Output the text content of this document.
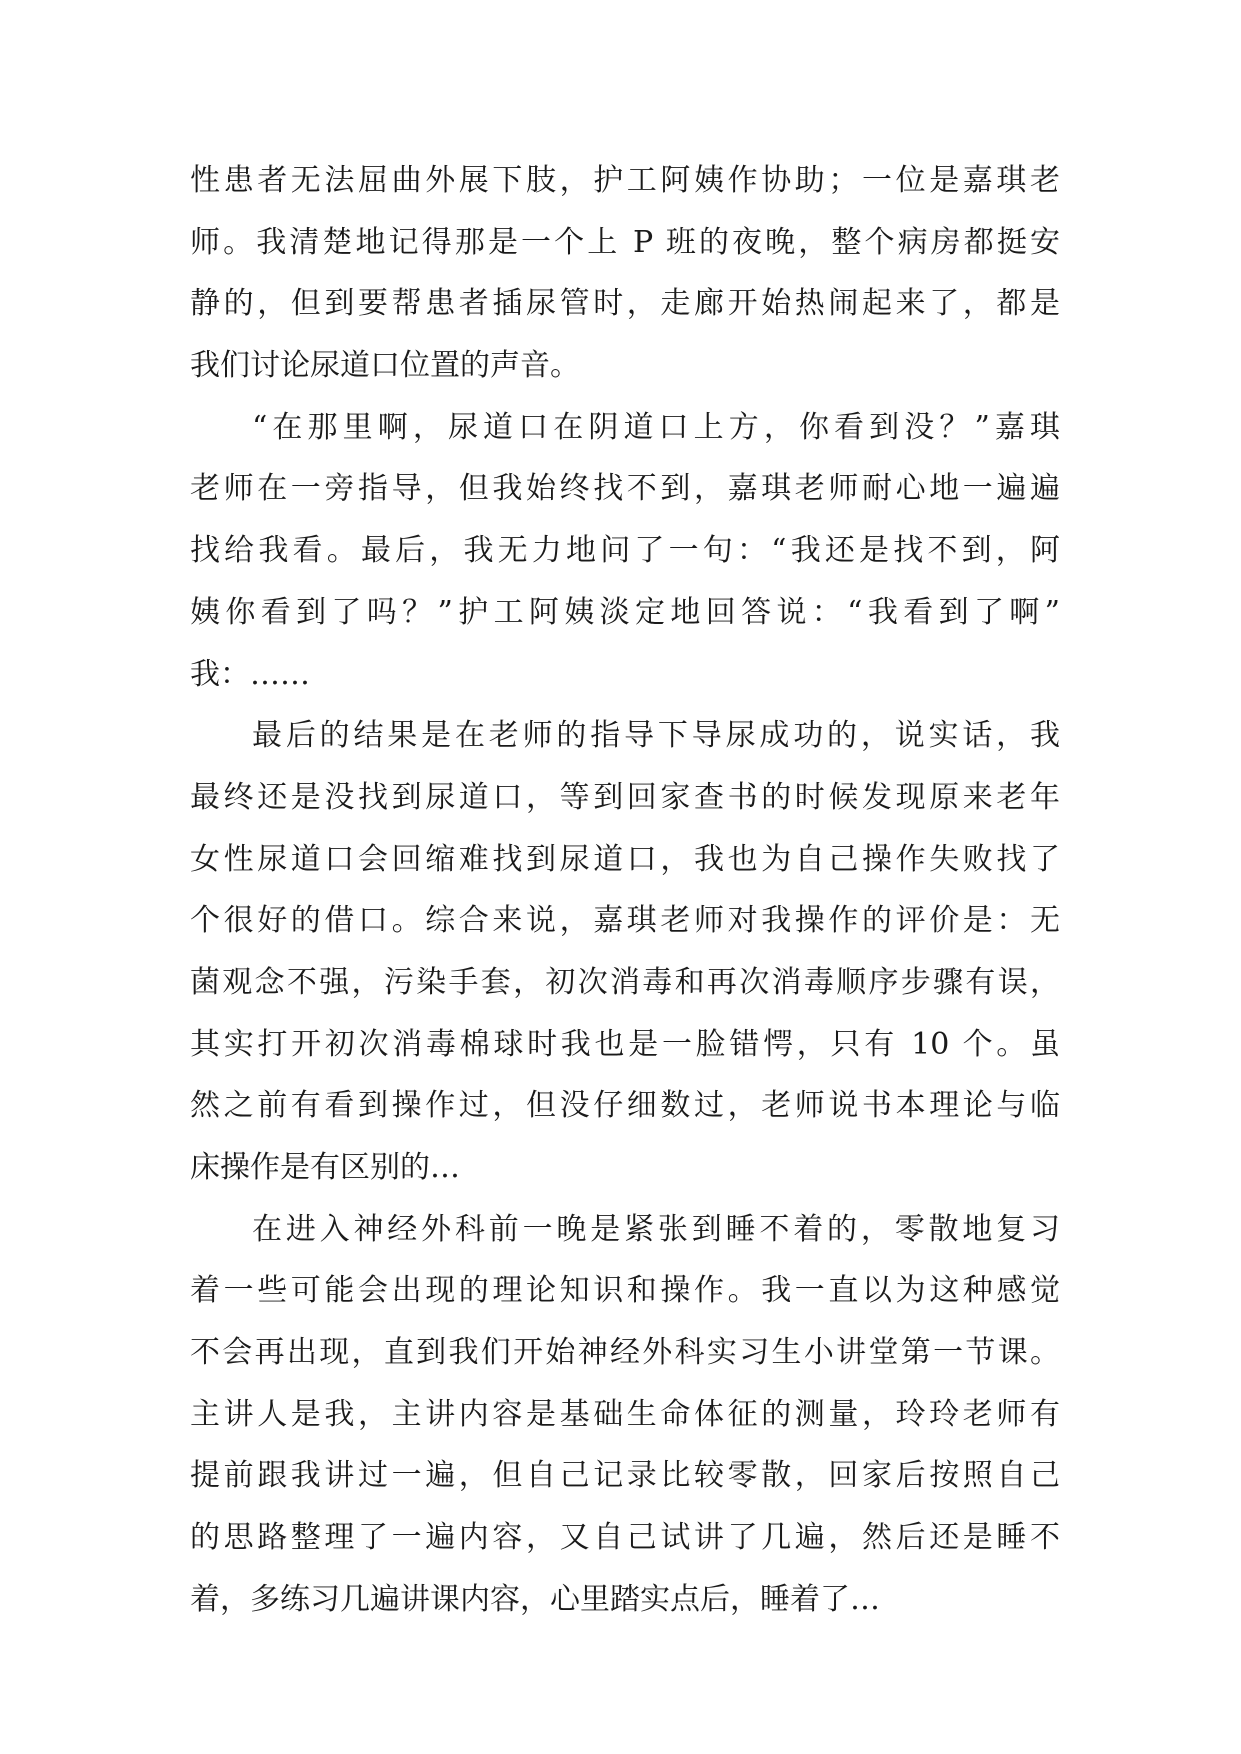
性患者无法屈曲外展下肢，护工阿姨作协助；一位是嘉琪老
师。我清楚地记得那是一个上 P 班的夜晚，整个病房都挺安
静的，但到要帮患者插尿管时，走廊开始热闹起来了，都是
我们讨论尿道口位置的声音。
“在那里啊，尿道口在阴道口上方，你看到没？”嘉琪
老师在一旁指导，但我始终找不到，嘉琪老师耐心地一遍遍
找给我看。最后，我无力地问了一句：“我还是找不到，阿
姨你看到了吗？”护工阿姨淡定地回答说：“我看到了啊”
我：……
最后的结果是在老师的指导下导尿成功的，说实话，我
最终还是没找到尿道口，等到回家查书的时候发现原来老年
女性尿道口会回缩难找到尿道口，我也为自己操作失败找了
个很好的借口。综合来说，嘉琪老师对我操作的评价是：无
菌观念不强，污染手套，初次消毒和再次消毒顺序步骤有误，
其实打开初次消毒棉球时我也是一脸错愕，只有 10 个。虽
然之前有看到操作过，但没仔细数过，老师说书本理论与临
床操作是有区别的…
在进入神经外科前一晚是紧张到睡不着的，零散地复习
着一些可能会出现的理论知识和操作。我一直以为这种感觉
不会再出现，直到我们开始神经外科实习生小讲堂第一节课。
主讲人是我，主讲内容是基础生命体征的测量，玲玲老师有
提前跟我讲过一遍，但自己记录比较零散，回家后按照自己
的思路整理了一遍内容，又自己试讲了几遍，然后还是睡不
着，多练习几遍讲课内容，心里踏实点后，睡着了…
